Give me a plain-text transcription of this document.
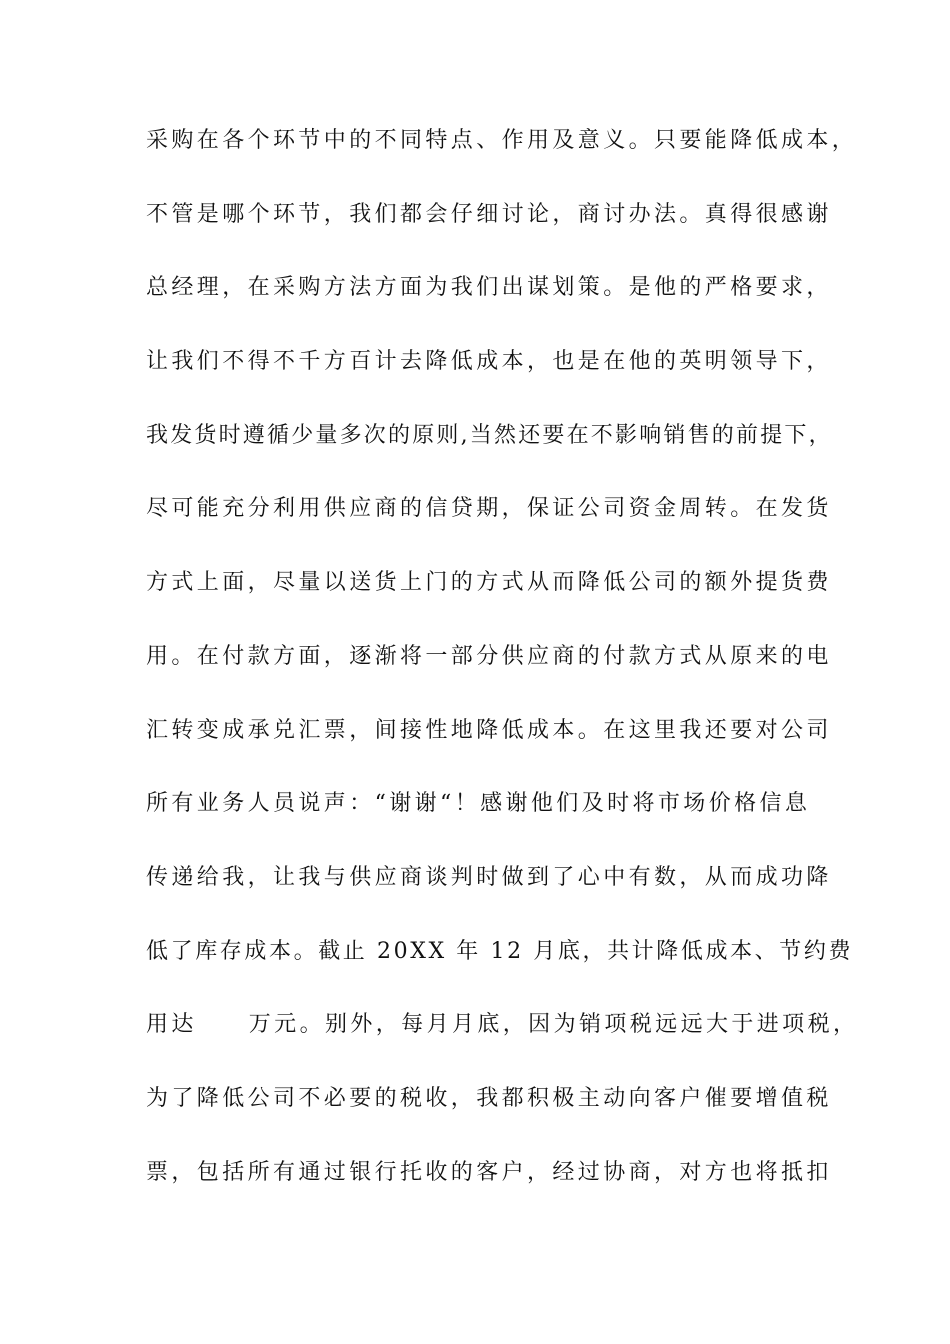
采购在各个环节中的不同特点、作用及意义。只要能降低成本，
不管是哪个环节，我们都会仔细讨论，商讨办法。真得很感谢
总经理，在采购方法方面为我们出谋划策。是他的严格要求，
让我们不得不千方百计去降低成本，也是在他的英明领导下，
我发货时遵循少量多次的原则,当然还要在不影响销售的前提下，
尽可能充分利用供应商的信贷期，保证公司资金周转。在发货
方式上面，尽量以送货上门的方式从而降低公司的额外提货费
用。在付款方面，逐渐将一部分供应商的付款方式从原来的电
汇转变成承兑汇票，间接性地降低成本。在这里我还要对公司
所有业务人员说声：“谢谢“！感谢他们及时将市场价格信息
传递给我，让我与供应商谈判时做到了心中有数，从而成功降
低了库存成本。截止 20XX 年 12 月底，共计降低成本、节约费
用达     万元。别外，每月月底，因为销项税远远大于进项税，
为了降低公司不必要的税收，我都积极主动向客户催要增值税
票，包括所有通过银行托收的客户，经过协商，对方也将抵扣
